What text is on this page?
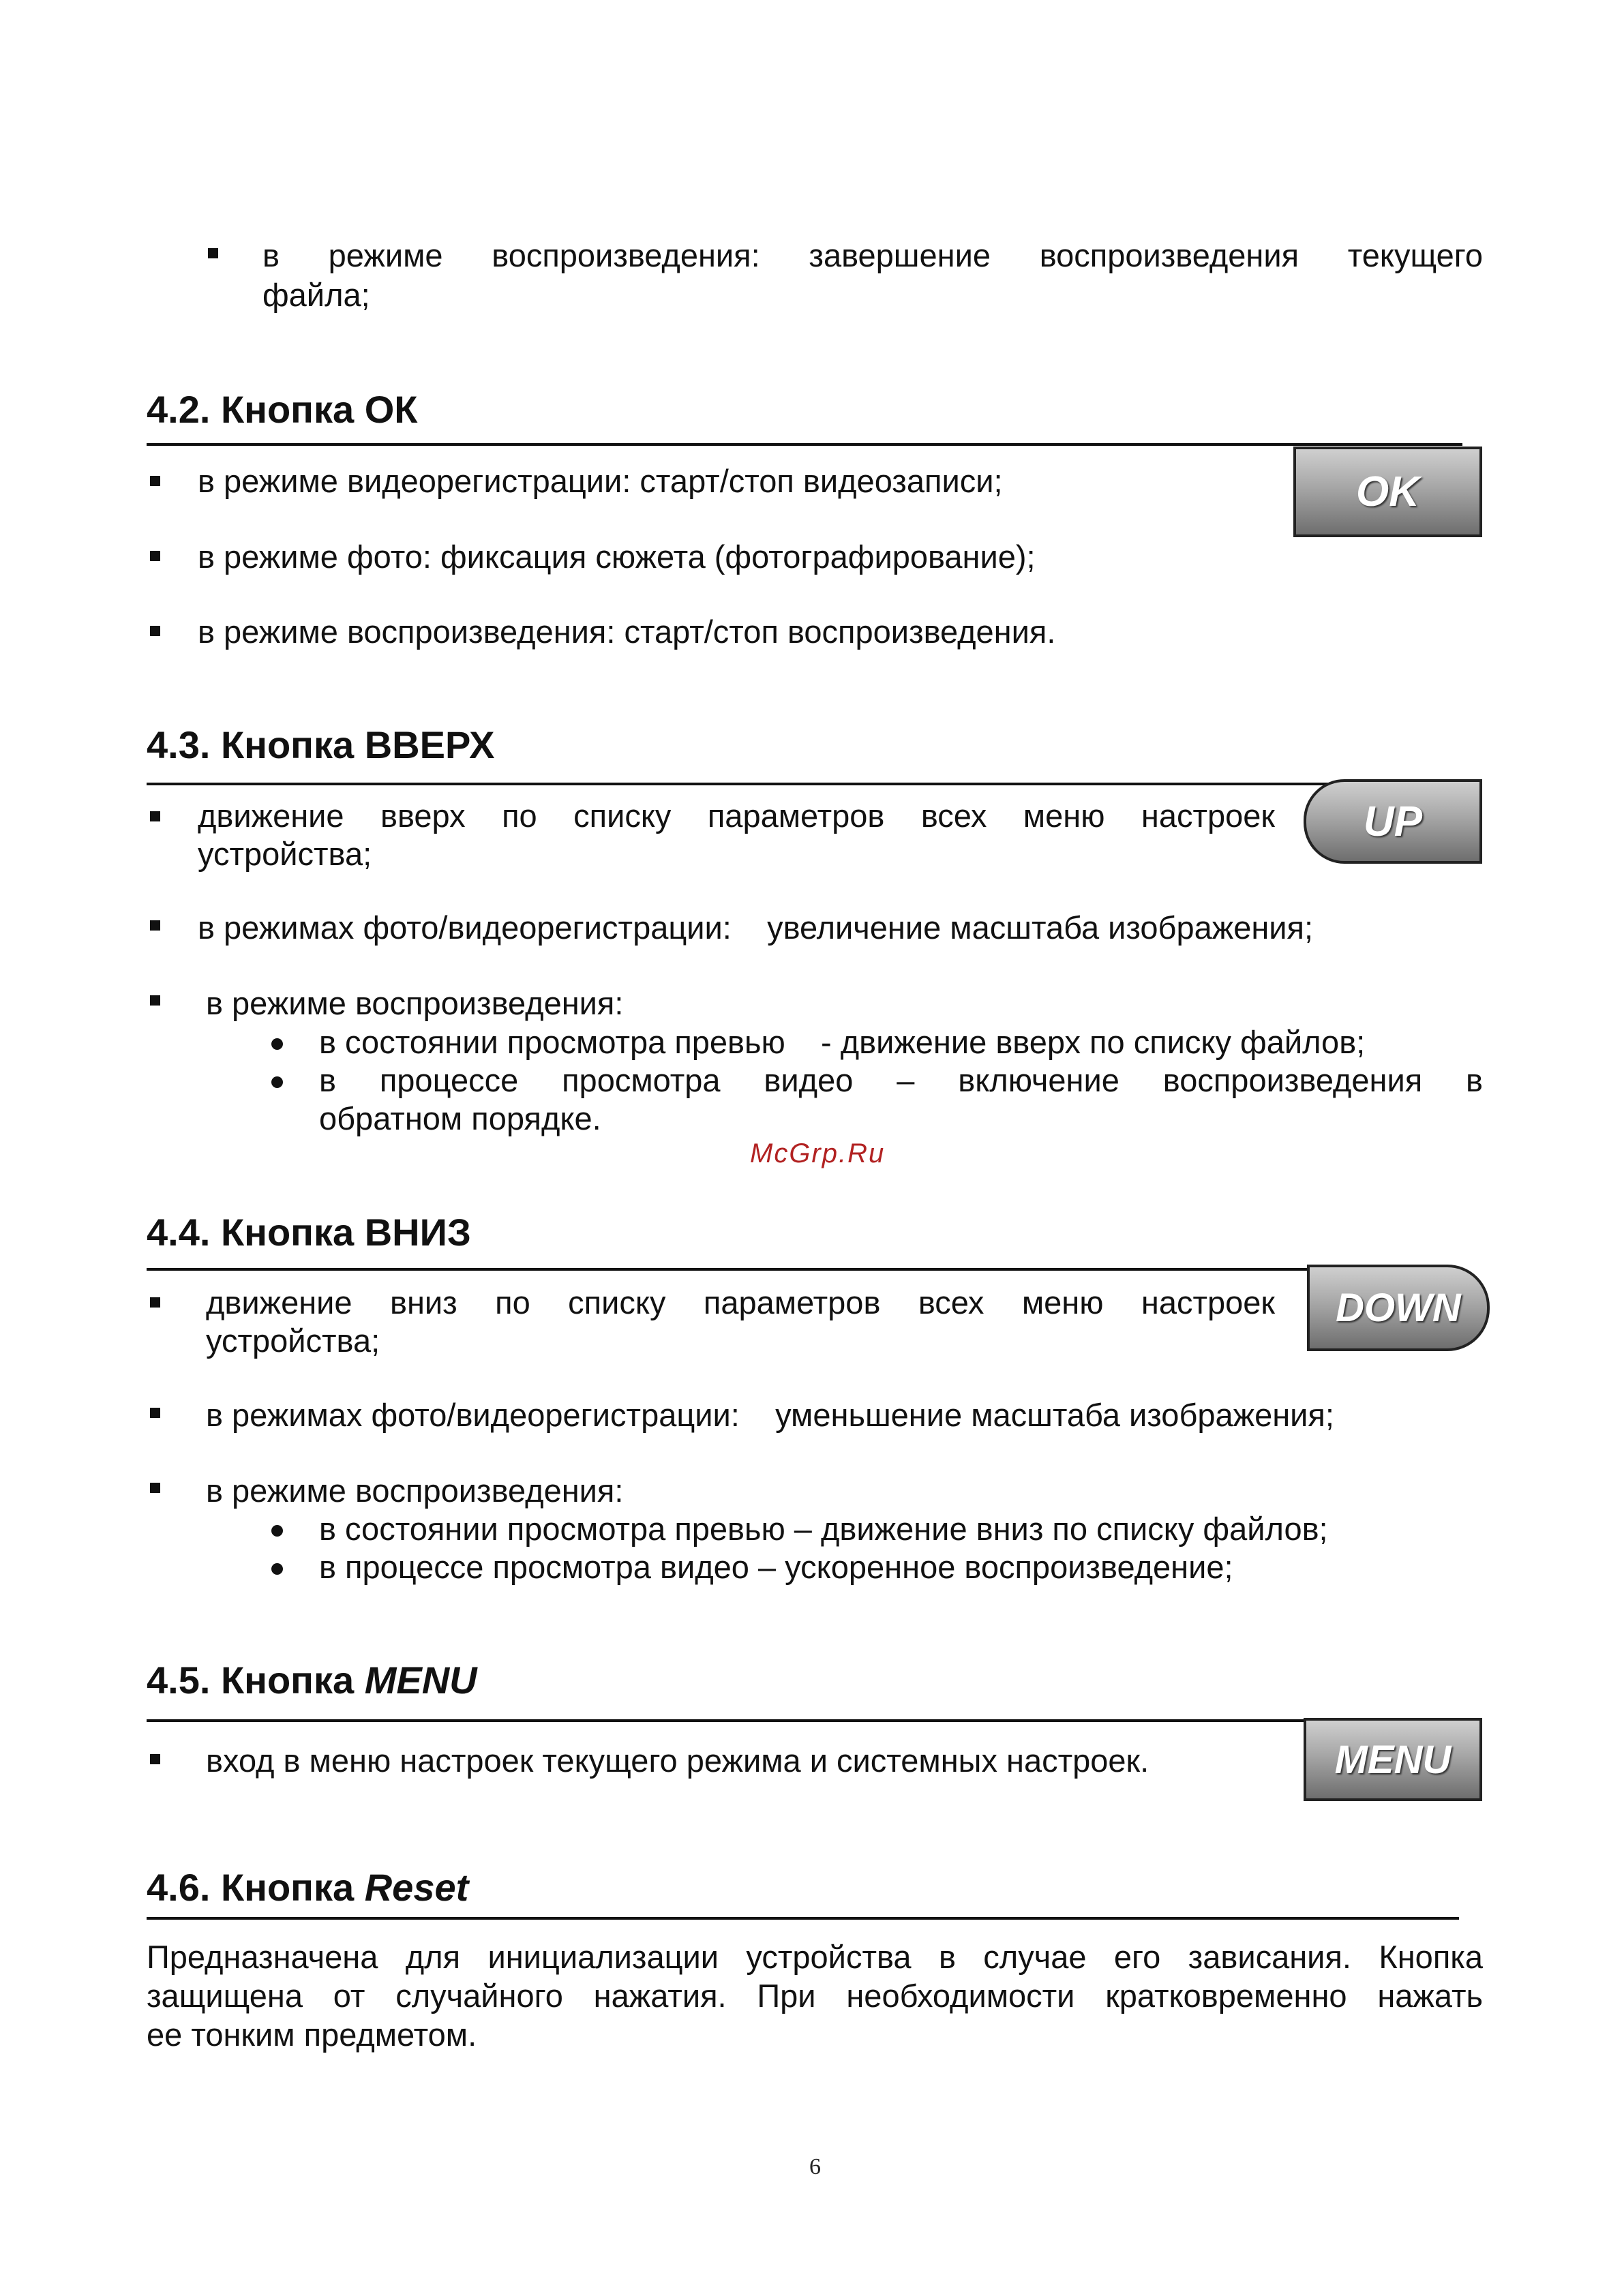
в режиме воспроизведения: завершение воспроизведения текущего
файла;
4.2. Кнопка ОК
OK
в режиме видеорегистрации: старт/стоп видеозаписи;
в режиме фото: фиксация сюжета (фотографирование);
в режиме воспроизведения: старт/стоп воспроизведения.
4.3. Кнопка ВВЕРХ
UP
движение вверх по списку параметров всех меню настроек
устройства;
в режимах фото/видеорегистрации:    увеличение масштаба изображения;
в режиме воспроизведения:
в состоянии просмотра превью    - движение вверх по списку файлов;
в процессе просмотра видео – включение воспроизведения в
обратном порядке.
McGrp.Ru
4.4. Кнопка ВНИЗ
DOWN
движение вниз по списку параметров всех меню настроек
устройства;
в режимах фото/видеорегистрации:    уменьшение масштаба изображения;
в режиме воспроизведения:
в состоянии просмотра превью – движение вниз по списку файлов;
в процессе просмотра видео – ускоренное воспроизведение;
4.5. Кнопка MENU
MENU
вход в меню настроек текущего режима и системных настроек.
4.6. Кнопка Reset
Предназначена для инициализации устройства в случае его зависания. Кнопка
защищена от случайного нажатия. При необходимости кратковременно нажать
ее тонким предметом.
6
